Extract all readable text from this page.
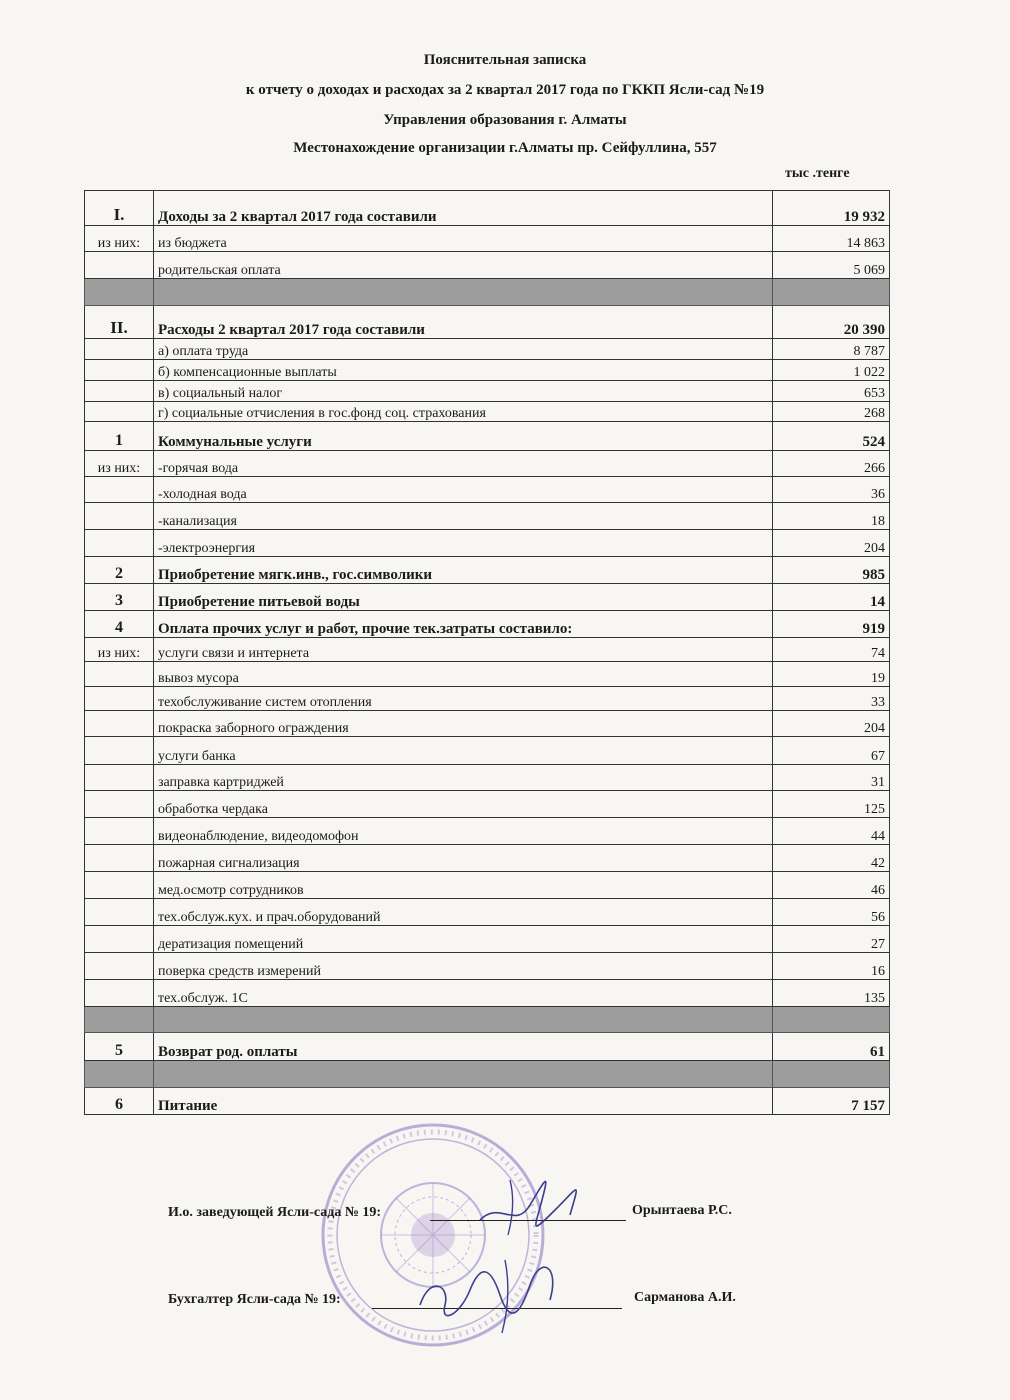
Пояснительная записка
к отчету о доходах и расходах за 2 квартал 2017 года по ГККП Ясли-сад №19
Управления образования г. Алматы
Местонахождение организации г.Алматы пр. Сейфуллина, 557
тыс .тенге
I.	Доходы за 2 квартал 2017 года составили	19 932
из них:	из бюджета	14 863
	родительская оплата	5 069

II.	Расходы 2 квартал 2017 года составили	20 390
	а) оплата труда	8 787
	б) компенсационные выплаты	1 022
	в) социальный налог	653
	г) социальные отчисления в гос.фонд соц. страхования	268
1	Коммунальные услуги	524
из них:	-горячая вода	266
	-холодная вода	36
	-канализация	18
	-электроэнергия	204
2	Приобретение мягк.инв., гос.символики	985
3	Приобретение питьевой воды	14
4	Оплата прочих услуг и работ, прочие тек.затраты составило:	919
из них:	услуги связи и интернета	74
	вывоз мусора	19
	техобслуживание систем отопления	33
	покраска заборного ограждения	204
	услуги банка	67
	заправка картриджей	31
	обработка чердака	125
	видеонаблюдение, видеодомофон	44
	пожарная сигнализация	42
	мед.осмотр сотрудников	46
	тех.обслуж.кух. и прач.оборудований	56
	дератизация помещений	27
	поверка средств измерений	16
	тех.обслуж. 1С	135

5	Возврат род. оплаты	61

6	Питание	7 157
И.о. заведующей Ясли-сада № 19:	Орынтаева Р.С.
Бухгалтер Ясли-сада № 19:	Сарманова А.И.
